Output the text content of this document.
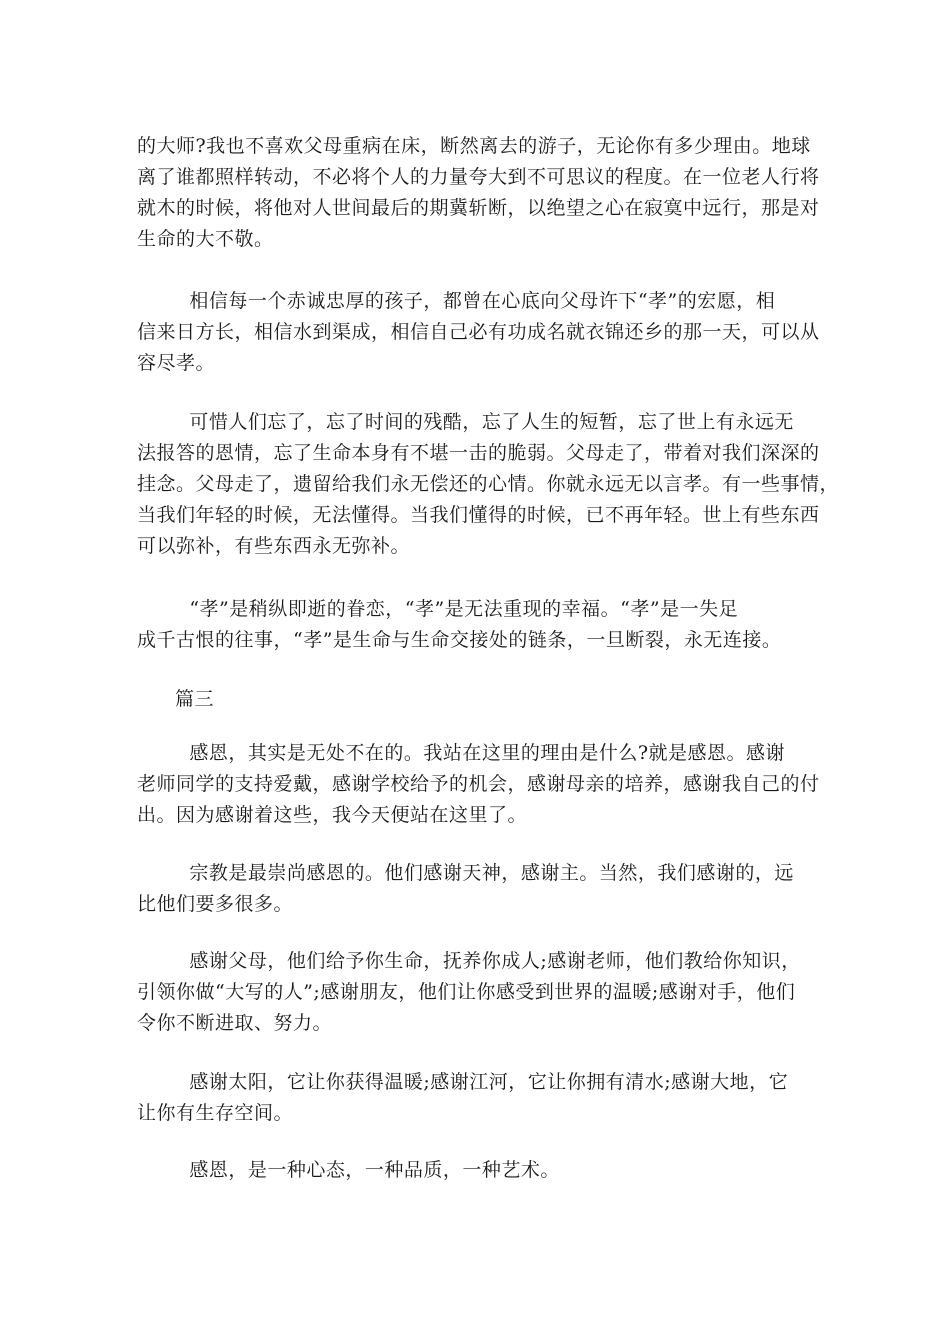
的大师?我也不喜欢父母重病在床，断然离去的游子，无论你有多少理由。地球
离了谁都照样转动，不必将个人的力量夸大到不可思议的程度。在一位老人行将
就木的时候，将他对人世间最后的期冀斩断，以绝望之心在寂寞中远行，那是对
生命的大不敬。
相信每一个赤诚忠厚的孩子，都曾在心底向父母许下“孝”的宏愿，相
信来日方长，相信水到渠成，相信自己必有功成名就衣锦还乡的那一天，可以从
容尽孝。
可惜人们忘了，忘了时间的残酷，忘了人生的短暂，忘了世上有永远无
法报答的恩情，忘了生命本身有不堪一击的脆弱。父母走了，带着对我们深深的
挂念。父母走了，遗留给我们永无偿还的心情。你就永远无以言孝。有一些事情，
当我们年轻的时候，无法懂得。当我们懂得的时候，已不再年轻。世上有些东西
可以弥补，有些东西永无弥补。
“孝”是稍纵即逝的眷恋，“孝”是无法重现的幸福。“孝”是一失足
成千古恨的往事，“孝”是生命与生命交接处的链条，一旦断裂，永无连接。
篇三
感恩，其实是无处不在的。我站在这里的理由是什么?就是感恩。感谢
老师同学的支持爱戴，感谢学校给予的机会，感谢母亲的培养，感谢我自己的付
出。因为感谢着这些，我今天便站在这里了。
宗教是最崇尚感恩的。他们感谢天神，感谢主。当然，我们感谢的，远
比他们要多很多。
感谢父母，他们给予你生命，抚养你成人;感谢老师，他们教给你知识，
引领你做“大写的人”;感谢朋友，他们让你感受到世界的温暖;感谢对手，他们
令你不断进取、努力。
感谢太阳，它让你获得温暖;感谢江河，它让你拥有清水;感谢大地，它
让你有生存空间。
感恩，是一种心态，一种品质，一种艺术。
